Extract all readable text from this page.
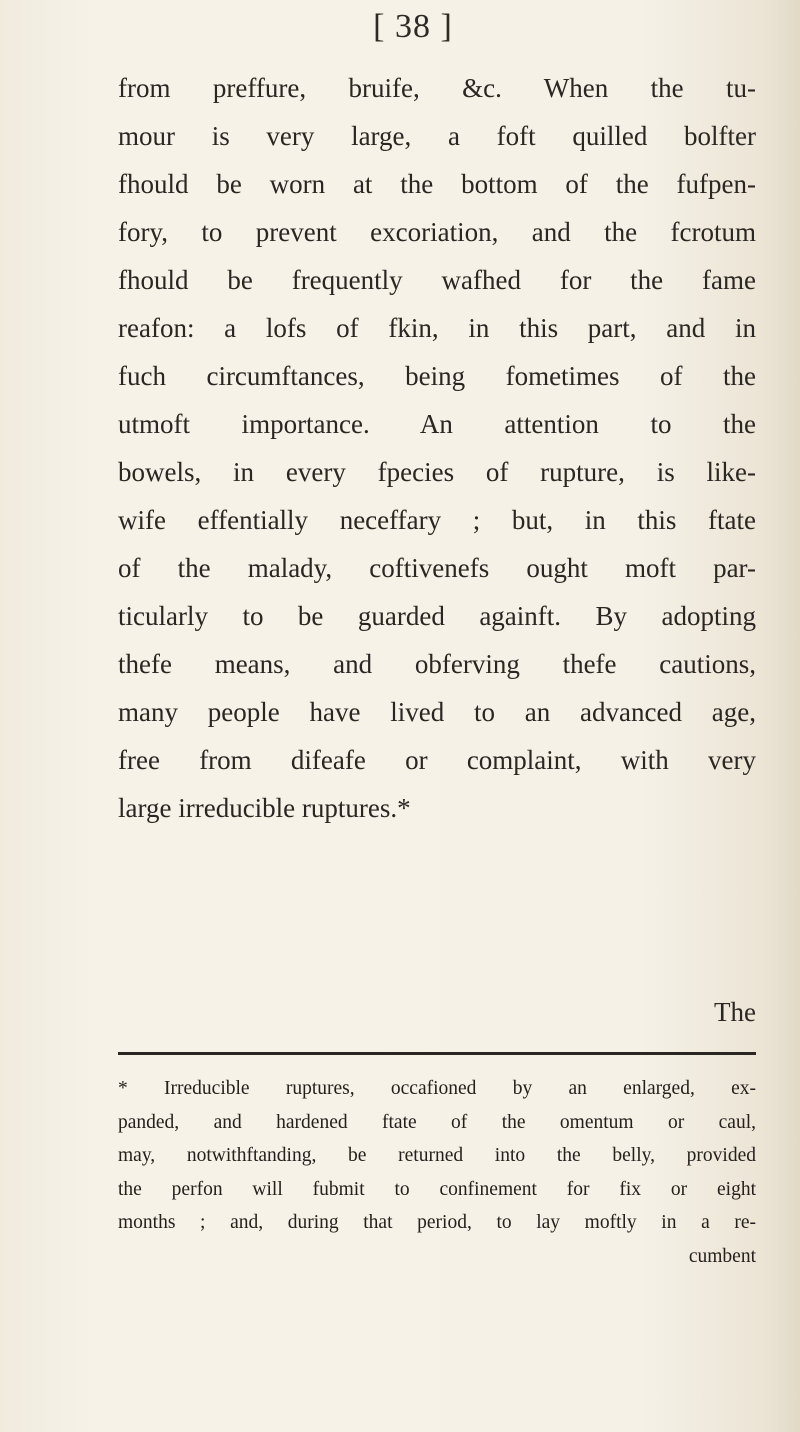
[ 38 ]
from preffure, bruife, &c. When the tu-
mour is very large, a foft quilled bolfter
fhould be worn at the bottom of the fufpen-
fory, to prevent excoriation, and the fcrotum
fhould be frequently wafhed for the fame
reafon: a lofs of fkin, in this part, and in
fuch circumftances, being fometimes of the
utmoft importance. An attention to the
bowels, in every fpecies of rupture, is like-
wife effentially neceffary ; but, in this ftate
of the malady, coftivenefs ought moft par-
ticularly to be guarded againft. By adopting
thefe means, and obferving thefe cautions,
many people have lived to an advanced age,
free from difeafe or complaint, with very
large irreducible ruptures.*
The
* Irreducible ruptures, occafioned by an enlarged, ex-
panded, and hardened ftate of the omentum or caul,
may, notwithftanding, be returned into the belly, provided
the perfon will fubmit to confinement for fix or eight
months ; and, during that period, to lay moftly in a re-
cumbent
